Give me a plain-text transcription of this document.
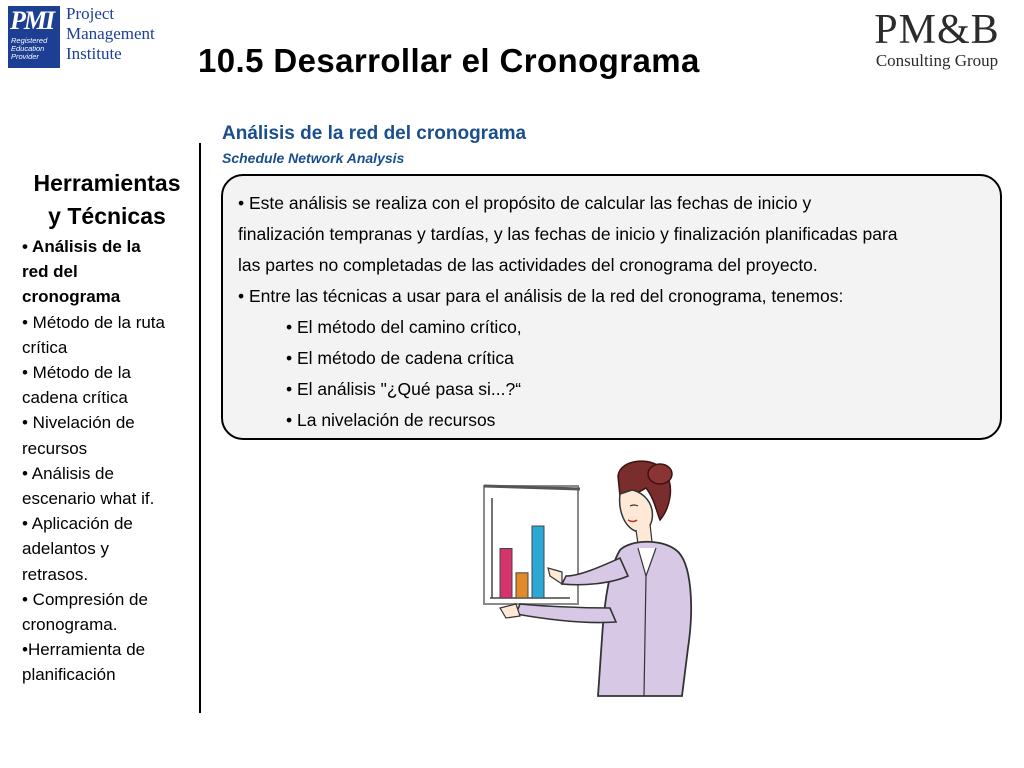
PMI
Registered
Education
Provider
Project
Management
Institute
PM&B
Consulting Group
10.5 Desarrollar el Cronograma
Análisis de la red del cronograma
Schedule Network Analysis
Herramientas
y Técnicas
• Análisis de la
red del
cronograma
• Método de la ruta
crítica
• Método de la
cadena crítica
• Nivelación de
recursos
• Análisis de
escenario what if.
• Aplicación de
adelantos y
retrasos.
• Compresión de
cronograma.
•Herramienta de
planificación
• Este análisis se realiza con el propósito de calcular las fechas de inicio y
finalización tempranas y tardías, y las fechas de inicio y finalización planificadas para
las partes no completadas de las actividades del cronograma del proyecto.
• Entre las técnicas a usar para el análisis de la red del cronograma, tenemos:
• El método del camino crítico,
• El método de cadena crítica
• El análisis "¿Qué pasa si...?“
• La nivelación de recursos
